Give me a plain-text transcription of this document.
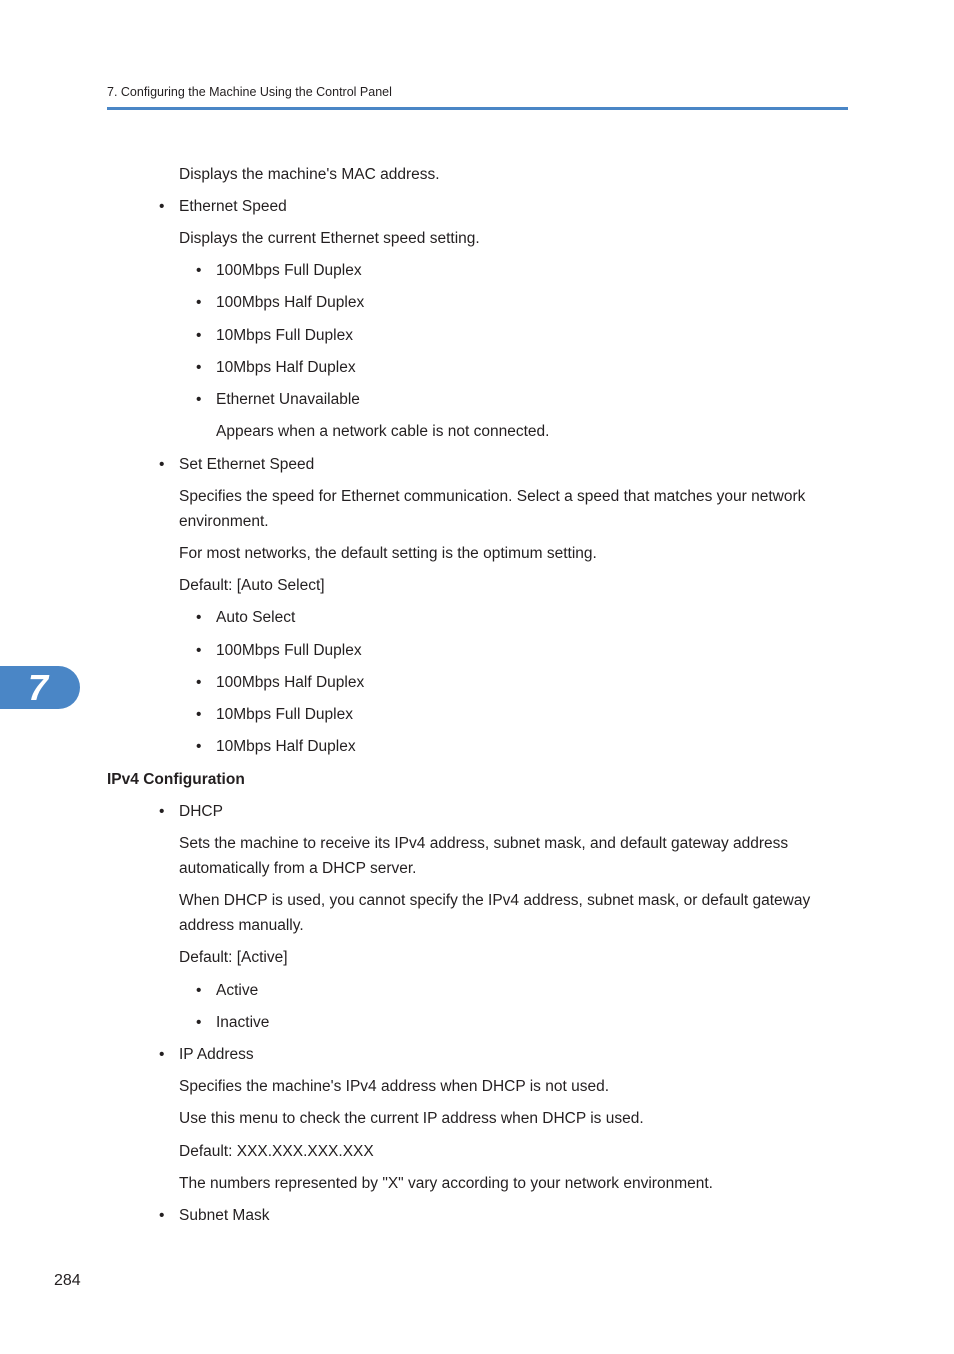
7. Configuring the Machine Using the Control Panel
Displays the machine's MAC address.
• Ethernet Speed
Displays the current Ethernet speed setting.
• 100Mbps Full Duplex
• 100Mbps Half Duplex
• 10Mbps Full Duplex
• 10Mbps Half Duplex
• Ethernet Unavailable
Appears when a network cable is not connected.
• Set Ethernet Speed
Specifies the speed for Ethernet communication. Select a speed that matches your network environment.
For most networks, the default setting is the optimum setting.
Default: [Auto Select]
• Auto Select
• 100Mbps Full Duplex
• 100Mbps Half Duplex
• 10Mbps Full Duplex
• 10Mbps Half Duplex
IPv4 Configuration
• DHCP
Sets the machine to receive its IPv4 address, subnet mask, and default gateway address automatically from a DHCP server.
When DHCP is used, you cannot specify the IPv4 address, subnet mask, or default gateway address manually.
Default: [Active]
• Active
• Inactive
• IP Address
Specifies the machine's IPv4 address when DHCP is not used.
Use this menu to check the current IP address when DHCP is used.
Default: XXX.XXX.XXX.XXX
The numbers represented by "X" vary according to your network environment.
• Subnet Mask
7
284
